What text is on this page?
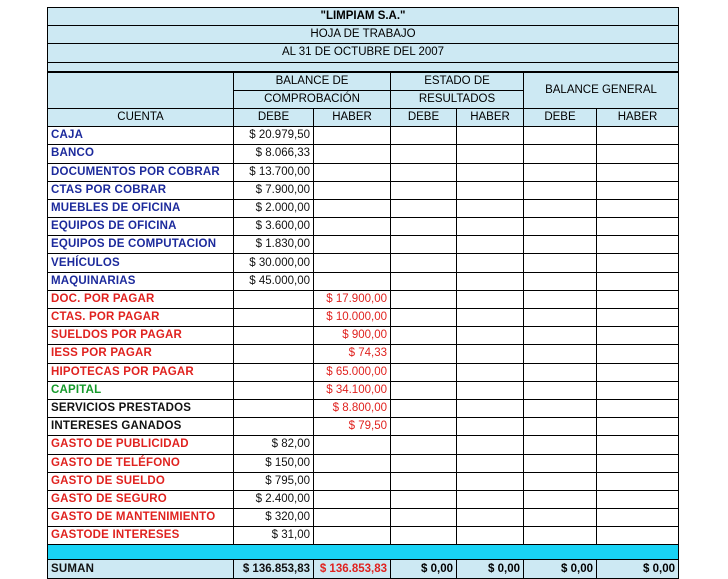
"LIMPIAM S.A."						
HOJA DE TRABAJO						
AL 31 DE OCTUBRE DEL 2007						

	BALANCE DE		ESTADO DE		BALANCE GENERAL	
	COMPROBACIÓN		RESULTADOS			
CUENTA	DEBE	HABER	DEBE	HABER	DEBE	HABER
CAJA	$ 20.979,50					
BANCO	$ 8.066,33					
DOCUMENTOS POR COBRAR	$ 13.700,00					
CTAS POR COBRAR	$ 7.900,00					
MUEBLES DE OFICINA	$ 2.000,00					
EQUIPOS DE OFICINA	$ 3.600,00					
EQUIPOS DE COMPUTACION	$ 1.830,00					
VEHÍCULOS	$ 30.000,00					
MAQUINARIAS	$ 45.000,00					
DOC. POR PAGAR		$ 17.900,00				
CTAS. POR PAGAR		$ 10.000,00				
SUELDOS POR PAGAR		$ 900,00				
IESS POR PAGAR		$ 74,33				
HIPOTECAS POR PAGAR		$ 65.000,00				
CAPITAL		$ 34.100,00				
SERVICIOS PRESTADOS		$ 8.800,00				
INTERESES GANADOS		$ 79,50				
GASTO DE PUBLICIDAD	$ 82,00					
GASTO DE TELÉFONO	$ 150,00					
GASTO DE SUELDO	$ 795,00					
GASTO DE SEGURO	$ 2.400,00					
GASTO DE MANTENIMIENTO	$ 320,00					
GASTODE INTERESES	$ 31,00					

SUMAN	$ 136.853,83	$ 136.853,83	$ 0,00	$ 0,00	$ 0,00	$ 0,00
